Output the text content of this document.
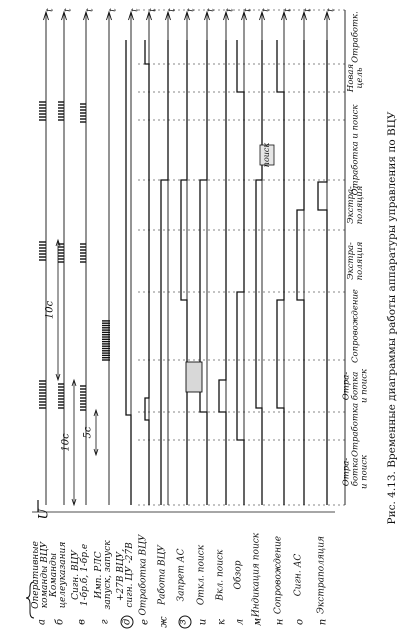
t t t t t t t t t t t t t t t
U
Оперативные команды ВЦУ
а
Команды целеуказания
б
Сигн. ВЦУ 1-бр.б, 1-бр.е
в
Имп. РЛС запуск, запуск
г
+27В ВЦУ, сигн. ЦУ -27В
д
Отработка ВЦУ
е
Работа ВЦУ
ж
Запрет АС
з
Откл. поиск
и
Вкл. поиск
к
Обзор
л
Индикация поиск
м
Сопровождение
н
Сигн. АС
о
Экстраполяция
п
поиск
Отра- ботка и поиск
Отработка
Отра- ботка и поиск
Сопровождение
Экстра- поляция
Экстра- поляция
Отработка и поиск
Новая цель
Отработк.
10с
10с
5с	Рис. 4.13. Временные диаграммы работы аппаратуры управления по ВЦУ
